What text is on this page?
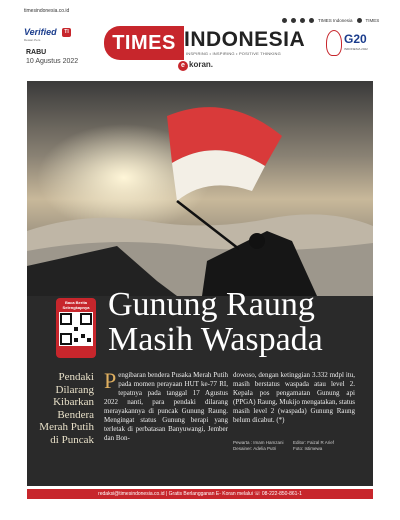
timesindonesia.co.id
Verified	TI
Dewan Pers
RABU
10 Agustus 2022
TIMES Indonesia	TIMES
TIMES INDONESIA
INSPIRING • INSPIRING • POSITIVE THINKING
e koran.
G20
INDONESIA 2022
Baca Berita Selengkapnya Gunung Raung
Masih Waspada
Pendaki Dilarang Kibarkan Bendera Merah Putih di Puncak
Pengibaran bendera Pusaka Merah Putih pada momen perayaan HUT ke-77 RI, tepatnya pada tanggal 17 Agustus 2022 nanti, para pendaki dilarang merayakannya di puncak Gunung Raung. Mengingat status Gunung berapi yang terletak di perbatasan Banyuwangi, Jember dan Bon-
dowoso, dengan ketinggian 3.332 mdpl itu, masih berstatus waspada atau level 2. Kepala pos pengamatan Gunung api (PPGA) Raung, Mukijo mengatakan, status masih level 2 (waspada) Gunung Raung belum dicabut. (*)
Pewarta : Imam Hamzani
Desainer: Adelia Putri
Editor: Faizal R Arief
Foto: Istimewa
redaksi@timesindonesia.co.id | Gratis Berlangganan E- Koran melalui ☏ 08-222-850-861-1
